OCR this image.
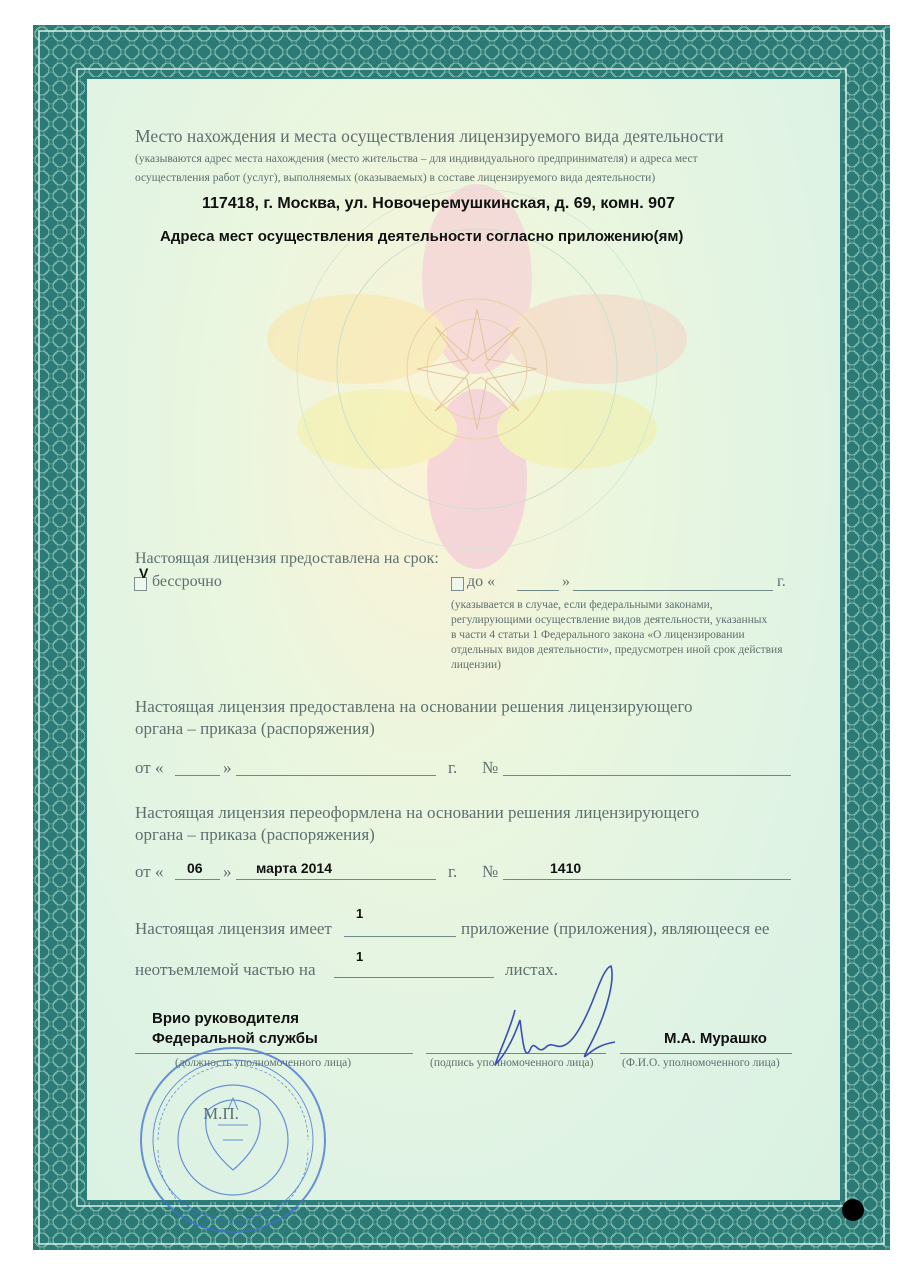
Место нахождения и места осуществления лицензируемого вида деятельности
(указываются адрес места нахождения (место жительства – для индивидуального предпринимателя) и адреса мест
осуществления работ (услуг), выполняемых (оказываемых) в составе лицензируемого вида деятельности)
117418, г. Москва, ул. Новочеремушкинская, д. 69, комн. 907
Адреса мест осуществления деятельности согласно приложению(ям)
Настоящая лицензия предоставлена на срок:
V бессрочно	до «	»	г.
(указывается в случае, если федеральными законами,
регулирующими осуществление видов деятельности, указанных
в части 4 статьи 1 Федерального закона «О лицензировании
отдельных видов деятельности», предусмотрен иной срок действия
лицензии)
Настоящая лицензия предоставлена на основании решения лицензирующего
органа – приказа (распоряжения)
от «	»	г. №
Настоящая лицензия переоформлена на основании решения лицензирующего
органа – приказа (распоряжения)
от « 06 » марта 2014	г. №	1410
Настоящая лицензия имеет
1
приложение (приложения), являющееся ее
неотъемлемой частью на
1
листах.
М.П.
Врио руководителя
Федеральной службы
(должность уполномоченного лица)	(подпись уполномоченного лица)
М.А. Мурашко
(Ф.И.О. уполномоченного лица)
